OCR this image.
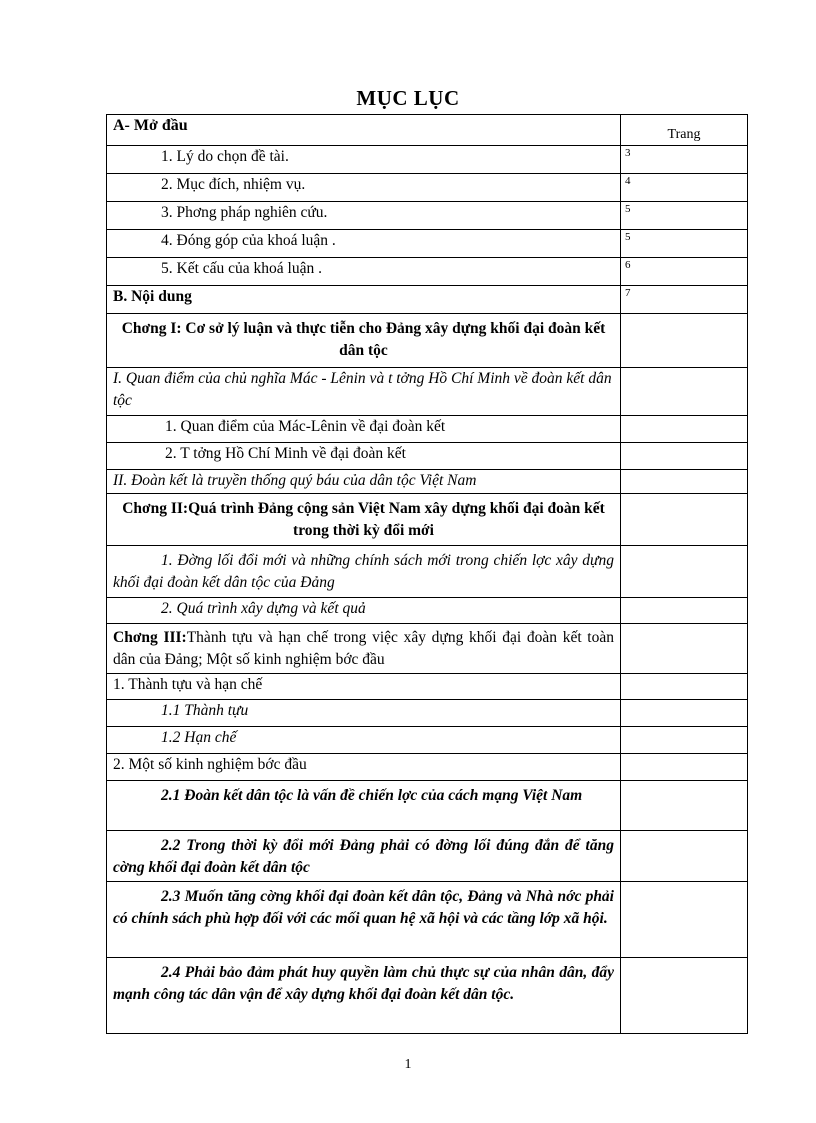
MỤC LỤC
A- Mở đầu	Trang

1. Lý do chọn đề tài.	3
2. Mục đích, nhiệm vụ.	4
3. Phơng pháp nghiên cứu.	5
4. Đóng góp của khoá luận .	5
5. Kết cấu của khoá luận .	6
B. Nội dung	7
Chơng I: Cơ sở lý luận và thực tiễn cho Đảng xây dựng khối đại đoàn kết dân tộc	
I. Quan điểm của chủ nghĩa Mác - Lênin và t tởng Hồ Chí Minh về đoàn kết dân tộc	
1. Quan điểm của Mác-Lênin về đại đoàn kết	
2. T tởng Hồ Chí Minh về đại đoàn kết	
II. Đoàn kết là truyền thống quý báu của dân tộc Việt Nam	
Chơng II:Quá trình Đảng cộng sản Việt Nam xây dựng khối đại đoàn kết trong thời kỳ đổi mới	
1. Đờng lối đổi mới và những chính sách mới trong chiến lợc xây dựng khối đại đoàn kết dân tộc của Đảng	
2. Quá trình xây dựng và kết quả	
Chơng III:Thành tựu và hạn chế trong việc xây dựng khối đại đoàn kết toàn dân của Đảng; Một số kinh nghiệm bớc đầu	
1. Thành tựu và hạn chế	
1.1 Thành tựu	
1.2 Hạn chế	
2. Một số kinh nghiệm bớc đầu	
2.1 Đoàn kết dân tộc là vấn đề chiến lợc của cách mạng Việt Nam	
2.2 Trong thời kỳ đổi mới Đảng phải có đờng lối đúng đắn để tăng cờng khối đại đoàn kết dân tộc	
2.3 Muốn tăng cờng khối đại đoàn kết dân tộc, Đảng và Nhà nớc phải có chính sách phù hợp đối với các mối quan hệ xã hội và các tầng lớp xã hội.	
2.4 Phải bảo đảm phát huy quyền làm chủ thực sự của nhân dân, đẩy mạnh công tác dân vận để xây dựng khối đại đoàn kết dân tộc.	
1
